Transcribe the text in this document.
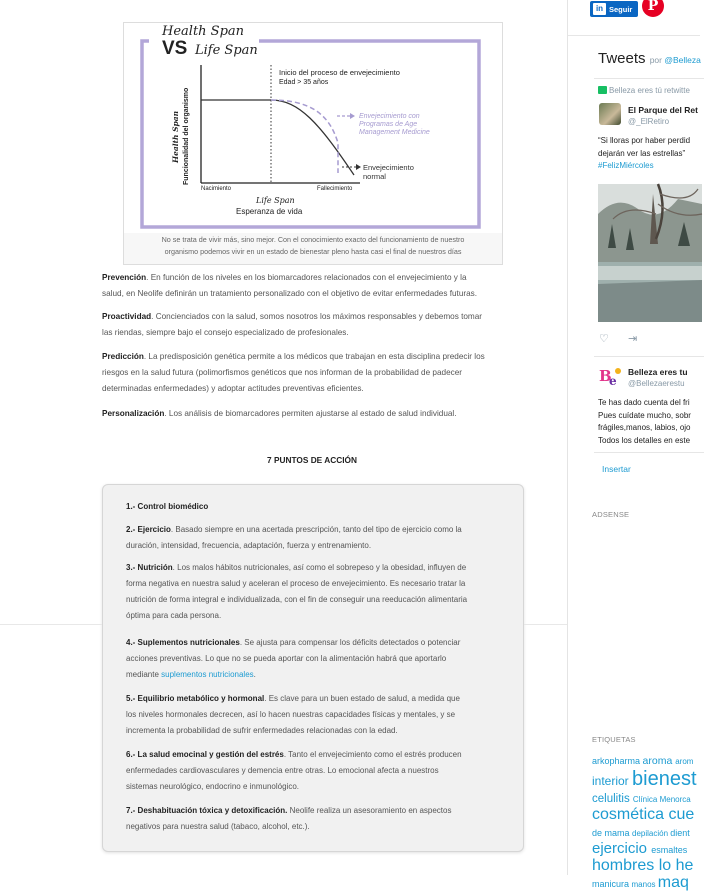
Health Span
VS Life Span
Health Span Funcionalidad del organismo
Inicio del proceso de envejecimiento
Edad > 35 años
Envejecimiento con
Programas de Age
Management Medicine
Envejecimiento
normal
Nacimiento	Fallecimiento
Life Span
Esperanza de vida
No se trata de vivir más, sino mejor. Con el conocimiento exacto del funcionamiento de nuestro
organismo podemos vivir en un estado de bienestar pleno hasta casi el final de nuestros días
Prevención. En función de los niveles en los biomarcadores relacionados con el envejecimiento y la
salud, en Neolife definirán un tratamiento personalizado con el objetivo de evitar enfermedades futuras.
Proactividad. Concienciados con la salud, somos nosotros los máximos responsables y debemos tomar
las riendas, siempre bajo el consejo especializado de profesionales.
Predicción. La predisposición genética permite a los médicos que trabajan en esta disciplina predecir los
riesgos en la salud futura (polimorfismos genéticos que nos informan de la probabilidad de padecer
determinadas enfermedades) y adoptar actitudes preventivas eficientes.
Personalización. Los análisis de biomarcadores permiten ajustarse al estado de salud individual.
7 PUNTOS DE ACCIÓN
1.- Control biomédico
2.- Ejercicio. Basado siempre en una acertada prescripción, tanto del tipo de ejercicio como la
duración, intensidad, frecuencia, adaptación, fuerza y entrenamiento.
3.- Nutrición. Los malos hábitos nutricionales, así como el sobrepeso y la obesidad, influyen de
forma negativa en nuestra salud y aceleran el proceso de envejecimiento. Es necesario tratar la
nutrición de forma integral e individualizada, con el fin de conseguir una reeducación alimentaria
óptima para cada persona.
4.- Suplementos nutricionales. Se ajusta para compensar los déficits detectados o potenciar
acciones preventivas. Lo que no se pueda aportar con la alimentación habrá que aportarlo
mediante suplementos nutricionales.
5.- Equilibrio metabólico y hormonal. Es clave para un buen estado de salud, a medida que
los niveles hormonales decrecen, así lo hacen nuestras capacidades físicas y mentales, y se
incrementa la probabilidad de sufrir enfermedades relacionadas con la edad.
6.- La salud emocinal y gestión del estrés. Tanto el envejecimiento como el estrés producen
enfermedades cardiovasculares y demencia entre otras. Lo emocional afecta a nuestros
sistemas neurológico, endocrino e inmunológico.
7.- Deshabituación tóxica y detoxificación. Neolife realiza un asesoramiento en aspectos
negativos para nuestra salud (tabaco, alcohol, etc.).
in Seguir	P
Tweets por @Belleza
Belleza eres tú retwitte
El Parque del Ret
@_ElRetiro
“Si lloras por haber perdid
dejarán ver las estrellas”
#FelizMiércoles
♡ ⇥
B
e
Belleza eres tu
@Bellezaerestu
Te has dado cuenta del fri
Pues cuídate mucho, sobr
frágiles,manos, labios, ojo
Todos los detalles en este
Insertar
ADSENSE
ETIQUETAS
arkopharma aroma arom
interior bienest
celulitis Clínica Menorca
cosmética cue
de mama depilación dient
ejercicio esmaltes
hombres lo he
manicura manos maq
